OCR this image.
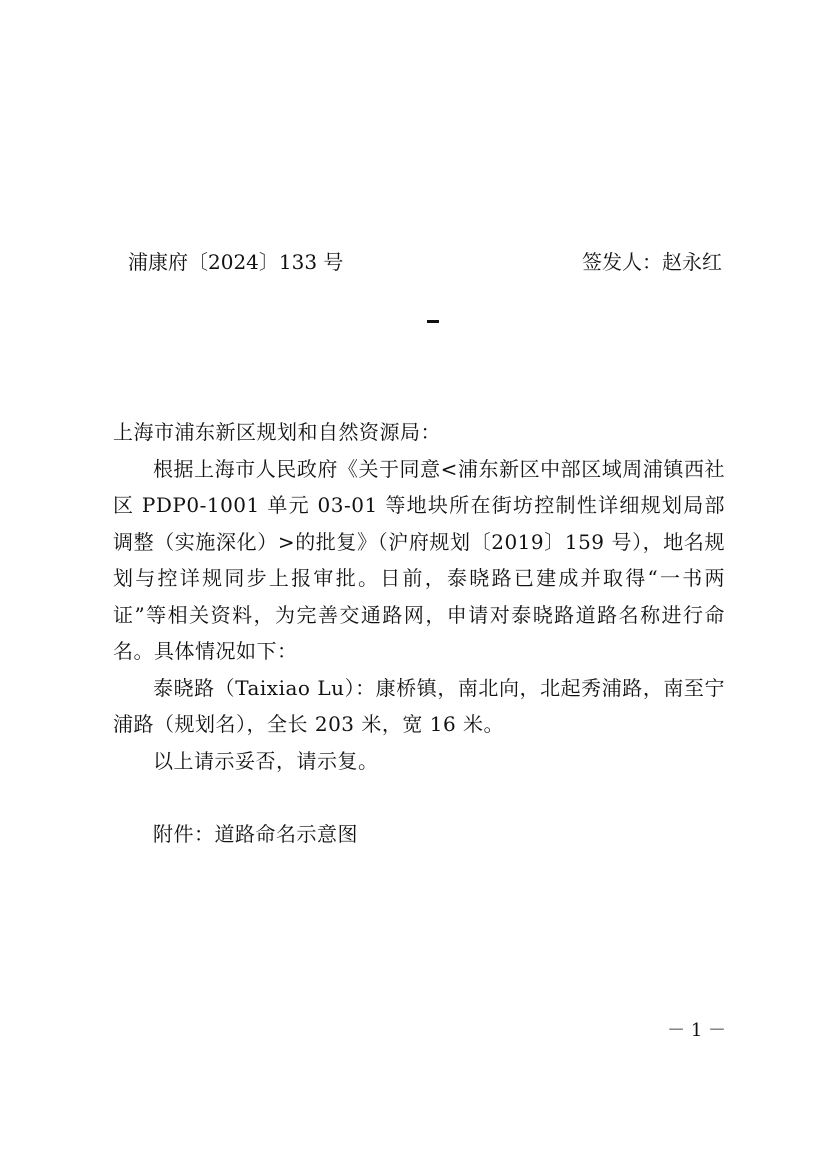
浦康府〔2024〕133 号	签发人：赵永红

上海市浦东新区规划和自然资源局：

根据上海市人民政府《关于同意<浦东新区中部区域周浦镇西社区 PDP0-1001 单元 03-01 等地块所在街坊控制性详细规划局部调整（实施深化）>的批复》（沪府规划〔2019〕159 号），地名规划与控详规同步上报审批。日前，泰晓路已建成并取得“一书两证”等相关资料，为完善交通路网，申请对泰晓路道路名称进行命名。具体情况如下：

泰晓路（Taixiao Lu）：康桥镇，南北向，北起秀浦路，南至宁浦路（规划名），全长 203 米，宽 16 米。

以上请示妥否，请示复。

附件：道路命名示意图

－ 1 －
